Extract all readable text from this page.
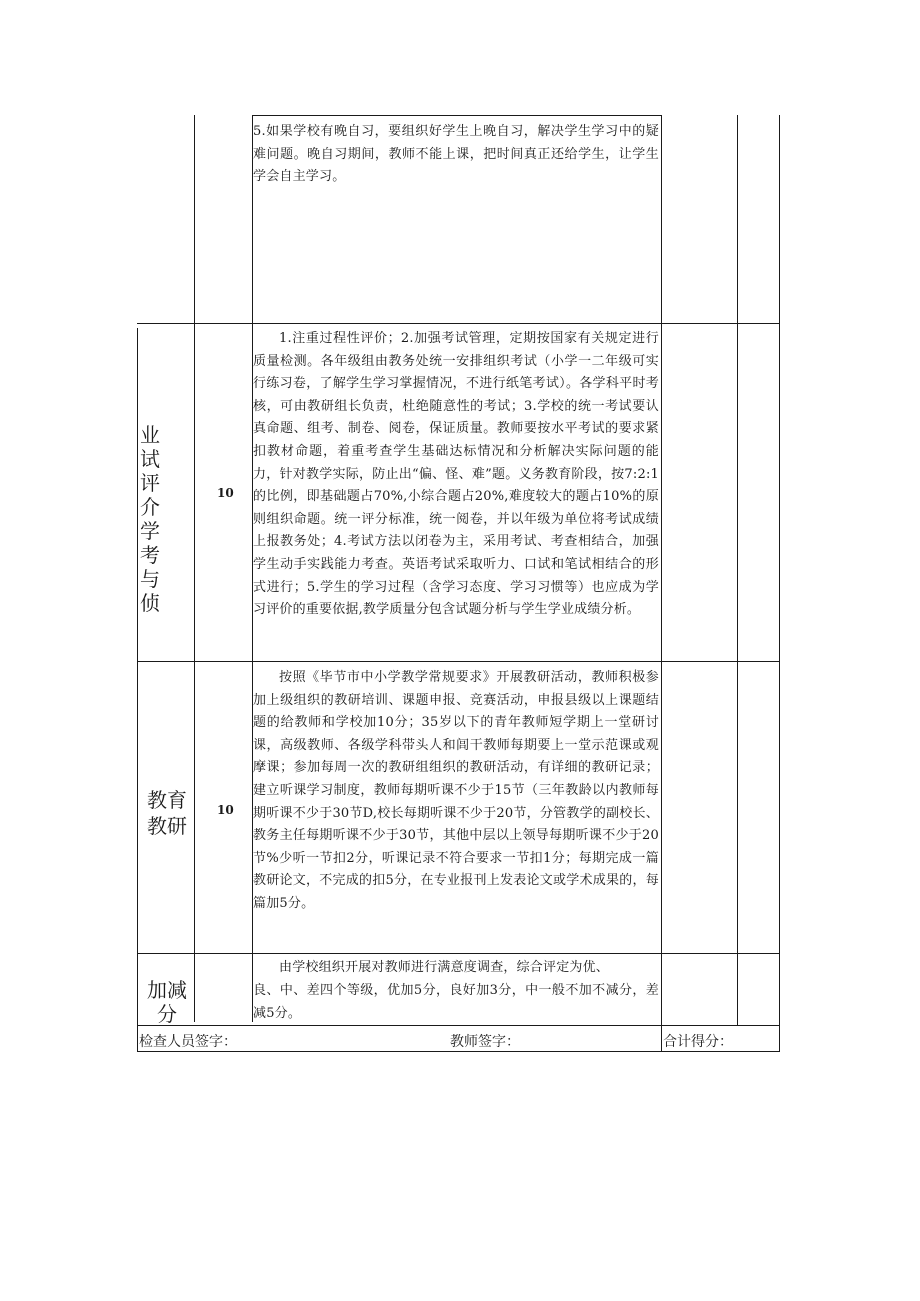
5.如果学校有晚自习，要组织好学生上晚自习，解决学生学习中的疑难问题。晚自习期间，教师不能上课，把时间真正还给学生，让学生学会自主学习。
业试评介学考与侦
10
1.注重过程性评价；2.加强考试管理，定期按国家有关规定进行质量检测。各年级组由教务处统一安排组织考试（小学一二年级可实行练习卷，了解学生学习掌握情况，不进行纸笔考试）。各学科平时考核，可由教研组长负责，杜绝随意性的考试；3.学校的统一考试要认真命题、组考、制卷、阅卷，保证质量。教师要按水平考试的要求紧扣教材命题，着重考查学生基础达标情况和分析解决实际问题的能力，针对教学实际，防止出“偏、怪、难”题。义务教育阶段，按7:2:1的比例，即基础题占70%,小综合题占20%,难度较大的题占10%的原则组织命题。统一评分标准，统一阅卷，并以年级为单位将考试成绩上报教务处；4.考试方法以闭卷为主，采用考试、考查相结合，加强学生动手实践能力考查。英语考试采取听力、口试和笔试相结合的形式进行；5.学生的学习过程（含学习态度、学习习惯等）也应成为学习评价的重要依据,教学质量分包含试题分析与学生学业成绩分析。
教育教研
10
按照《毕节市中小学教学常规要求》开展教研活动，教师积极参加上级组织的教研培训、课题申报、竞赛活动，申报县级以上课题结题的给教师和学校加10分；35岁以下的青年教师短学期上一堂研讨课，高级教师、各级学科带头人和闾干教师每期要上一堂示范课或观摩课；参加每周一次的教研组组织的教研活动，有详细的教研记录；建立听课学习制度，教师每期听课不少于15节（三年教龄以内教师每期听课不少于30节D,校长每期听课不少于20节，分管教学的副校长、教务主任每期听课不少于30节，其他中层以上领导每期听课不少于20节%少听一节扣2分，听课记录不符合要求一节扣1分；每期完成一篇教研论文，不完成的扣5分，在专业报刊上发表论文或学术成果的，每篇加5分。
加减分
由学校组织开展对教师进行满意度调查，综合评定为优、
良、中、差四个等级，优加5分，良好加3分，中一般不加不减分，差减5分。
检查人员签字：	教师签字：	合计得分：
